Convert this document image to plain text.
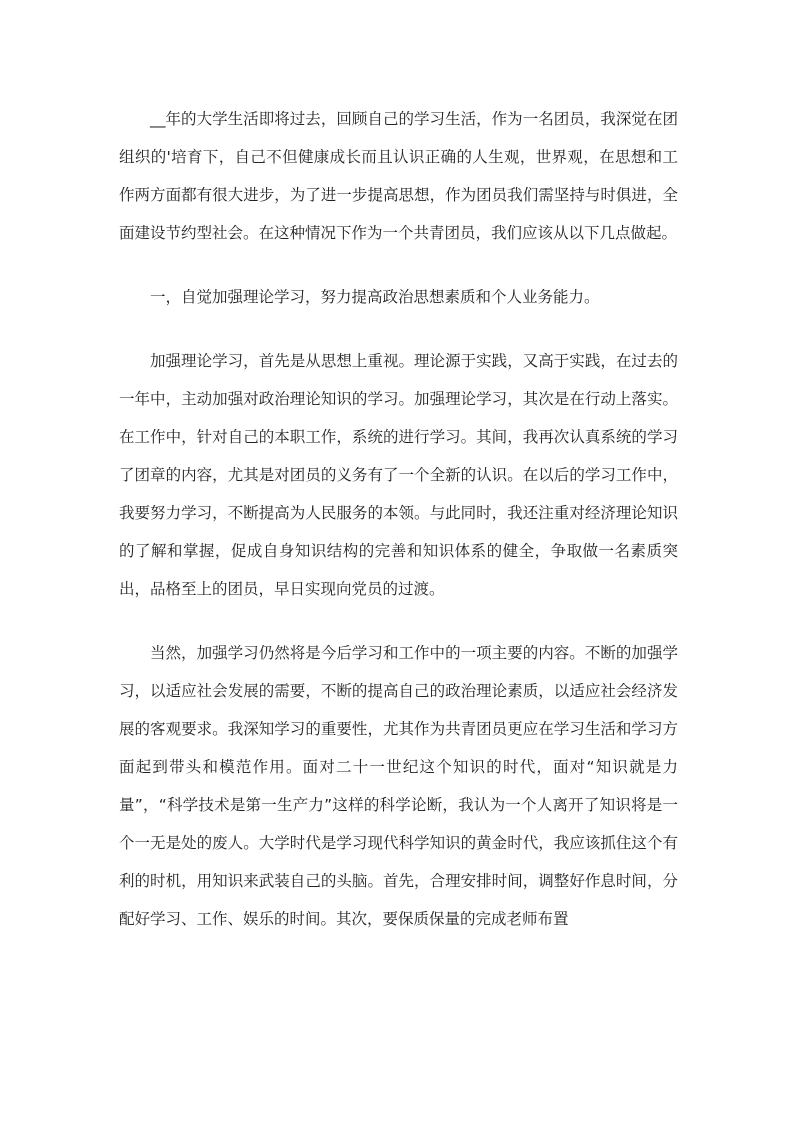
__年的大学生活即将过去，回顾自己的学习生活，作为一名团员，我深觉在团组织的'培育下，自己不但健康成长而且认识正确的人生观，世界观，在思想和工作两方面都有很大进步，为了进一步提高思想，作为团员我们需坚持与时俱进，全面建设节约型社会。在这种情况下作为一个共青团员，我们应该从以下几点做起。

一，自觉加强理论学习，努力提高政治思想素质和个人业务能力。

加强理论学习，首先是从思想上重视。理论源于实践，又高于实践，在过去的一年中，主动加强对政治理论知识的学习。加强理论学习，其次是在行动上落实。在工作中，针对自己的本职工作，系统的进行学习。其间，我再次认真系统的学习了团章的内容，尤其是对团员的义务有了一个全新的认识。在以后的学习工作中，我要努力学习，不断提高为人民服务的本领。与此同时，我还注重对经济理论知识的了解和掌握，促成自身知识结构的完善和知识体系的健全，争取做一名素质突出，品格至上的团员，早日实现向党员的过渡。

当然，加强学习仍然将是今后学习和工作中的一项主要的内容。不断的加强学习，以适应社会发展的需要，不断的提高自己的政治理论素质，以适应社会经济发展的客观要求。我深知学习的重要性，尤其作为共青团员更应在学习生活和学习方面起到带头和模范作用。面对二十一世纪这个知识的时代，面对“知识就是力量”，“科学技术是第一生产力”这样的科学论断，我认为一个人离开了知识将是一个一无是处的废人。大学时代是学习现代科学知识的黄金时代，我应该抓住这个有利的时机，用知识来武装自己的头脑。首先，合理安排时间，调整好作息时间，分配好学习、工作、娱乐的时间。其次，要保质保量的完成老师布置
